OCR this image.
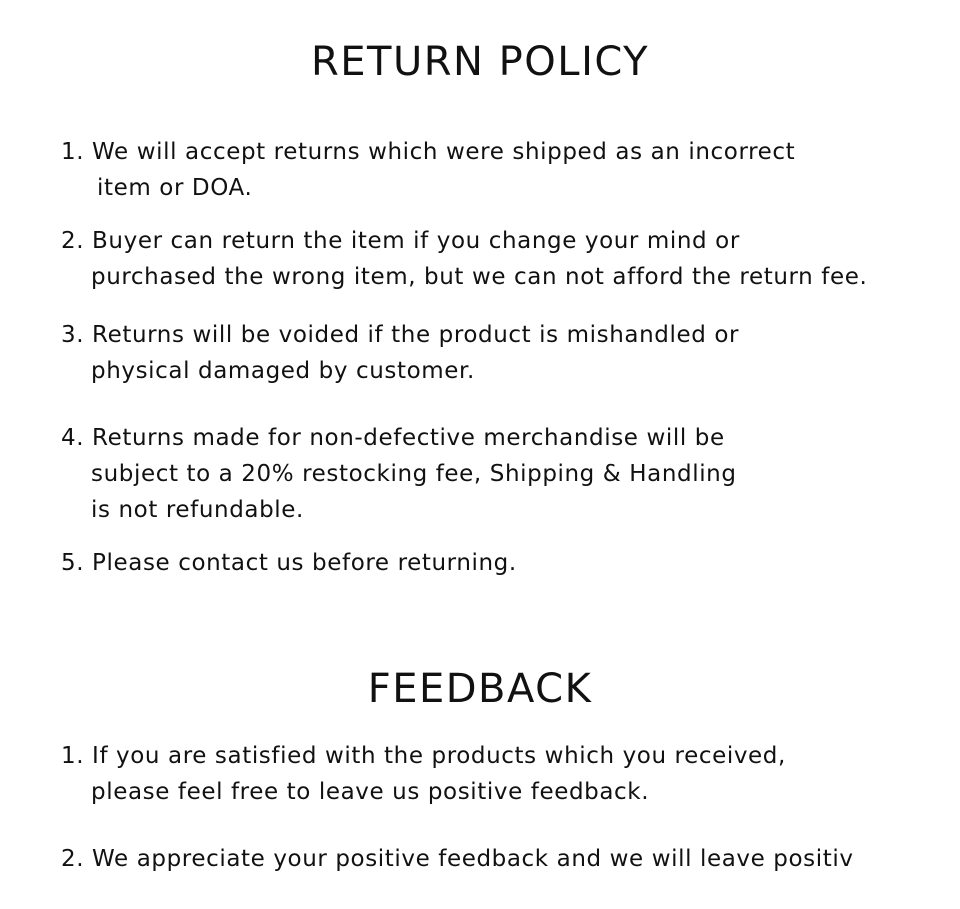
RETURN POLICY
1. We will accept returns which were shipped as an incorrect
item or DOA.
2. Buyer can return the item if you change your mind or
purchased the wrong item, but we can not afford the return fee.
3. Returns will be voided if the product is mishandled or
physical damaged by customer.
4. Returns made for non-defective merchandise will be
subject to a 20% restocking fee, Shipping & Handling
is not refundable.
5. Please contact us before returning.
FEEDBACK
1. If you are satisfied with the products which you received,
please feel free to leave us positive feedback.
2. We appreciate your positive feedback and we will leave positiv
